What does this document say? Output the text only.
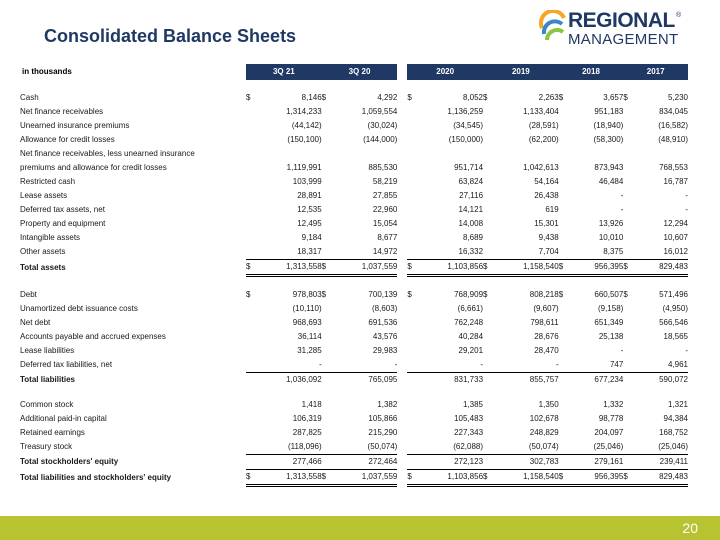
Consolidated Balance Sheets
REGIONAL
MANAGEMENT
®
in thousands	3Q 21		3Q 20			2020		2019		2018		2017	

Cash	$	8,146	$	4,292		$	8,052	$	2,263	$	3,657	$	5,230
Net finance receivables		1,314,233		1,059,554			1,136,259		1,133,404		951,183		834,045
Unearned insurance premiums		(44,142)		(30,024)			(34,545)		(28,591)		(18,940)		(16,582)
Allowance for credit losses		(150,100)		(144,000)			(150,000)		(62,200)		(58,300)		(48,910)
Net finance receivables, less unearned insurance													
premiums and allowance for credit losses		1,119,991		885,530			951,714		1,042,613		873,943		768,553
Restricted cash		103,999		58,219			63,824		54,164		46,484		16,787
Lease assets		28,891		27,855			27,116		26,438		-		-
Deferred tax assets, net		12,535		22,960			14,121		619		-		-
Property and equipment		12,495		15,054			14,008		15,301		13,926		12,294
Intangible assets		9,184		8,677			8,689		9,438		10,010		10,607
Other assets		18,317		14,972			16,332		7,704		8,375		16,012
Total assets	$	1,313,558	$	1,037,559		$	1,103,856	$	1,158,540	$	956,395	$	829,483

Debt	$	978,803	$	700,139		$	768,909	$	808,218	$	660,507	$	571,496
Unamortized debt issuance costs		(10,110)		(8,603)			(6,661)		(9,607)		(9,158)		(4,950)
Net debt		968,693		691,536			762,248		798,611		651,349		566,546
Accounts payable and accrued expenses		36,114		43,576			40,284		28,676		25,138		18,565
Lease liabilities		31,285		29,983			29,201		28,470		-		-
Deferred tax liabilities, net		-		-			-		-		747		4,961
Total liabilities		1,036,092		765,095			831,733		855,757		677,234		590,072

Common stock		1,418		1,382			1,385		1,350		1,332		1,321
Additional paid-in capital		106,319		105,866			105,483		102,678		98,778		94,384
Retained earnings		287,825		215,290			227,343		248,829		204,097		168,752
Treasury stock		(118,096)		(50,074)			(62,088)		(50,074)		(25,046)		(25,046)
Total stockholders' equity		277,466		272,464			272,123		302,783		279,161		239,411
Total liabilities and stockholders' equity	$	1,313,558	$	1,037,559		$	1,103,856	$	1,158,540	$	956,395	$	829,483
20
